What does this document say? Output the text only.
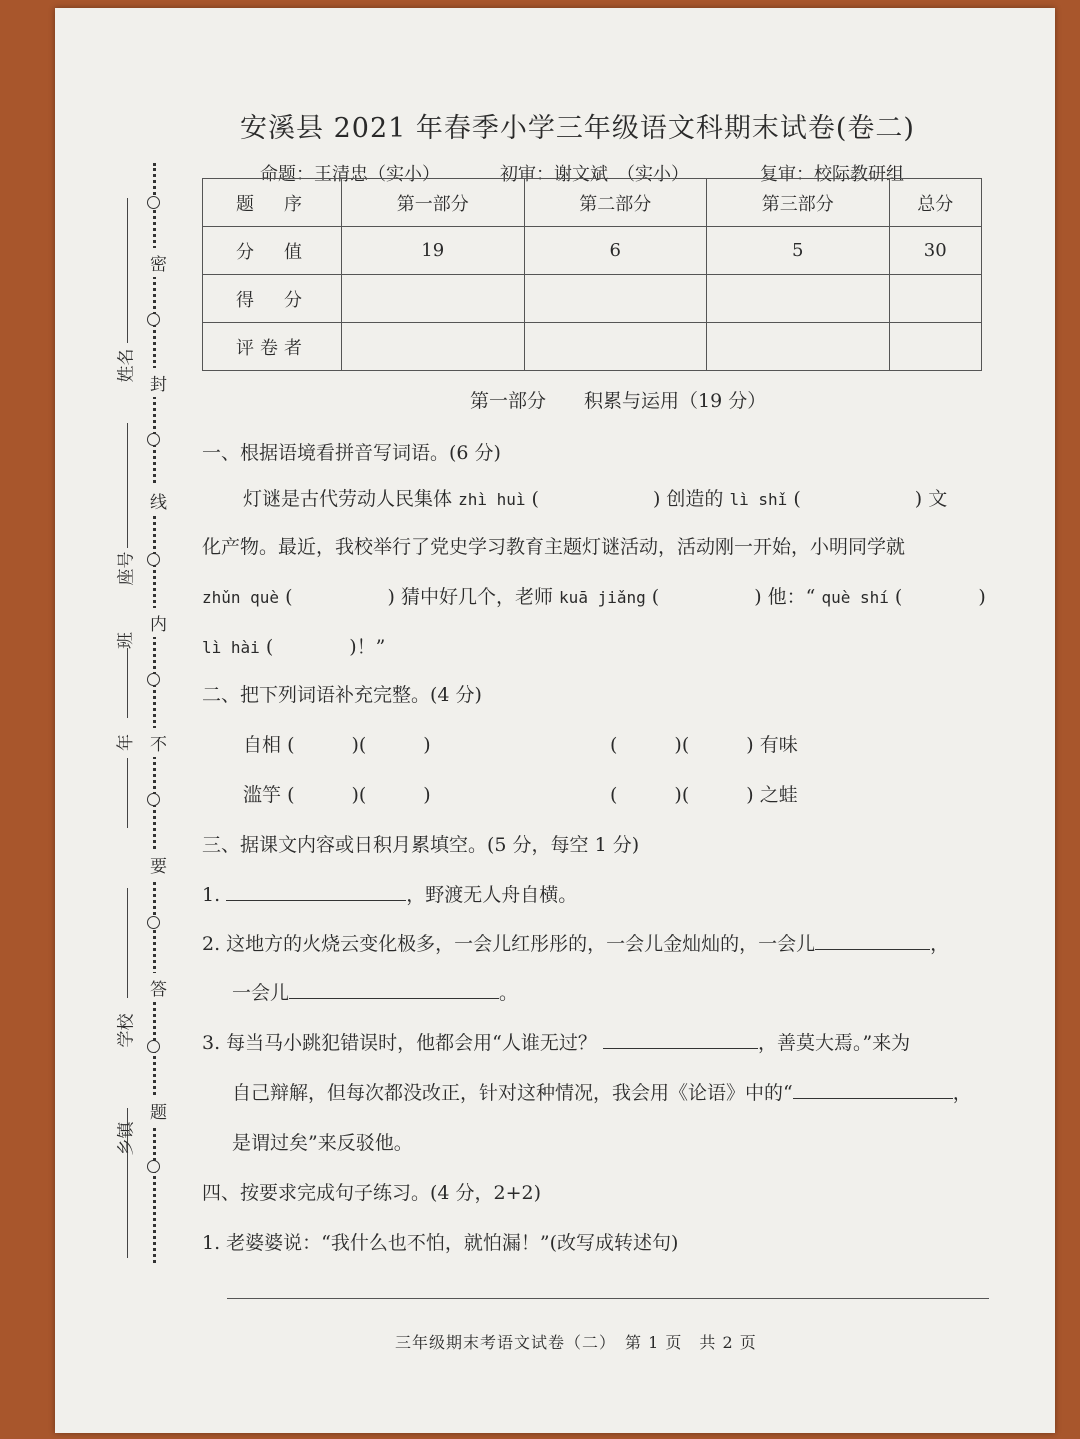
密
封
线
内
不
要
答
题
姓名
座号
班
年
学校
乡镇
安溪县 2021 年春季小学三年级语文科期末试卷(卷二)
命题：王清忠（实小）	初审：谢文斌　（实小）	复审：校际教研组
题　序	第一部分	第二部分	第三部分	总分
分　值	19	6	5	30
得　分				
评卷者				
第一部分　　积累与运用（19 分）
一、根据语境看拼音写词语。(6 分)
灯谜是古代劳动人民集体 zhì huì (　　　　　　) 创造的 lì shǐ (　　　　　　) 文
化产物。最近，我校举行了党史学习教育主题灯谜活动，活动刚一开始，小明同学就
zhǔn què (　　　　　) 猜中好几个，老师 kuā jiǎng (　　　　　) 他：“ què shí (　　　　)
lì hài (　　　　)！”
二、把下列词语补充完整。(4 分)
自相 (　　　)(　　　)	(　　　)(　　　) 有味
滥竽 (　　　)(　　　)	(　　　)(　　　) 之蛙
三、据课文内容或日积月累填空。(5 分，每空 1 分)
1.	，野渡无人舟自横。
2. 这地方的火烧云变化极多，一会儿红彤彤的，一会儿金灿灿的，一会儿	，
一会儿	。
3. 每当马小跳犯错误时，他都会用“人谁无过？	，善莫大焉。”来为
自己辩解，但每次都没改正，针对这种情况，我会用《论语》中的“	，
是谓过矣”来反驳他。
四、按要求完成句子练习。(4 分，2+2)
1. 老婆婆说：“我什么也不怕，就怕漏！”(改写成转述句)
三年级期末考语文试卷（二）　第 1 页　共 2 页
